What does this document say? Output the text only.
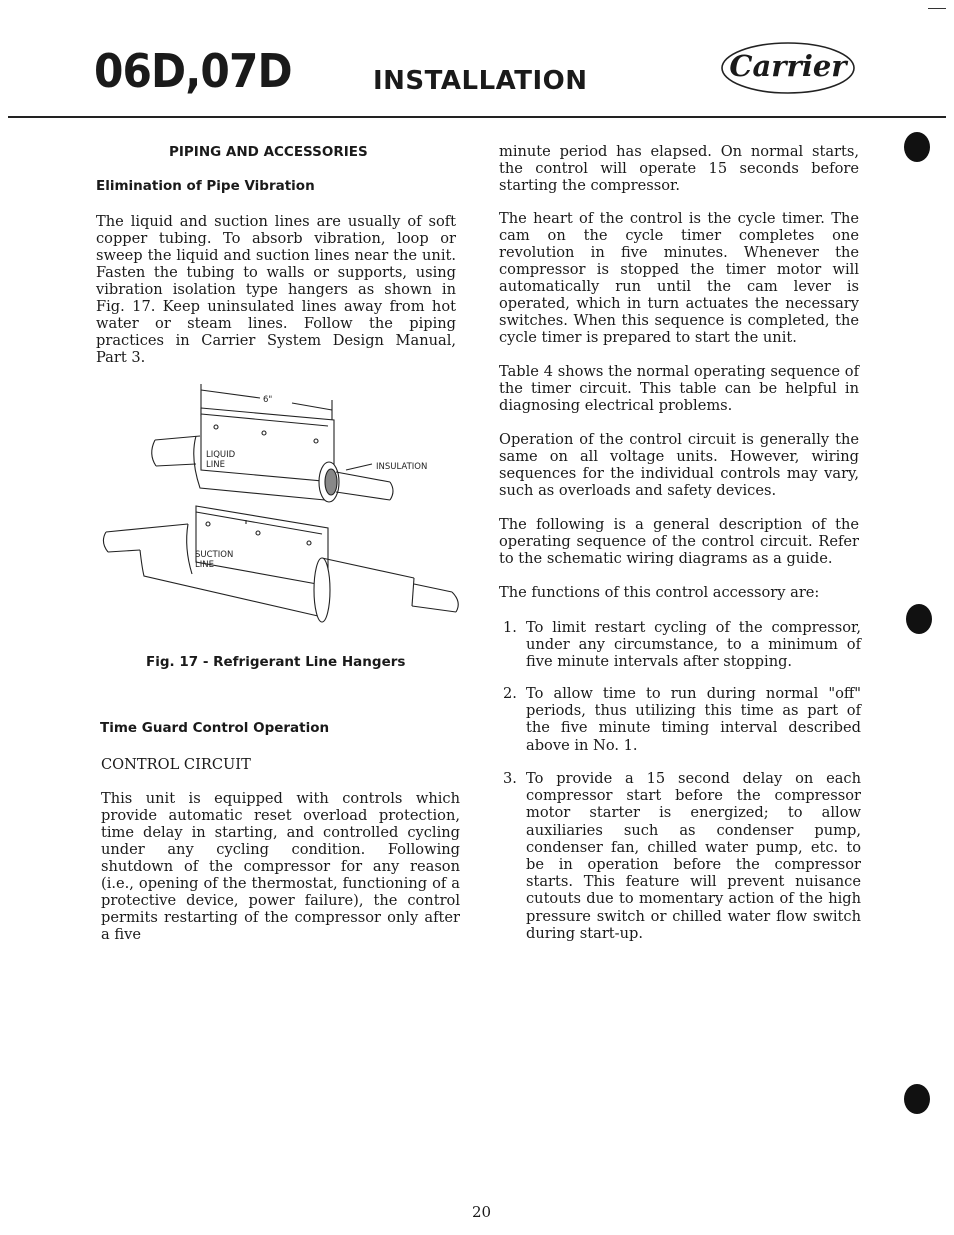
06D,07D	INSTALLATION	Carrier
PIPING AND ACCESSORIES
Elimination of Pipe Vibration

The liquid and suction lines are usually of soft copper tubing. To absorb vibration, loop or sweep the liquid and suction lines near the unit. Fasten the tubing to walls or supports, using vibration isolation type hangers as shown in Fig. 17. Keep uninsulated lines away from hot water or steam lines. Follow the piping practices in Carrier System Design Manual, Part 3.

6"
LIQUID
LINE	INSULATION
SUCTION
LINE
Fig. 17 - Refrigerant Line Hangers
Time Guard Control Operation
CONTROL CIRCUIT

This unit is equipped with controls which provide automatic reset overload protection, time delay in starting, and controlled cycling under any cycling condition. Following shutdown of the compressor for any reason (i.e., opening of the thermostat, functioning of a protective device, power failure), the control permits restarting of the compressor only after a five

minute period has elapsed. On normal starts, the control will operate 15 seconds before starting the compressor.

The heart of the control is the cycle timer. The cam on the cycle timer completes one revolution in five minutes. Whenever the compressor is stopped the timer motor will automatically run until the cam lever is operated, which in turn actuates the necessary switches. When this sequence is completed, the cycle timer is prepared to start the unit.

Table 4 shows the normal operating sequence of the timer circuit. This table can be helpful in diagnosing electrical problems.

Operation of the control circuit is generally the same on all voltage units. However, wiring sequences for the individual controls may vary, such as overloads and safety devices.

The following is a general description of the operating sequence of the control circuit. Refer to the schematic wiring diagrams as a guide.

The functions of this control accessory are:

1. To limit restart cycling of the compressor, under any circumstance, to a minimum of five minute intervals after stopping.
2. To allow time to run during normal "off" periods, thus utilizing this time as part of the five minute timing interval described above in No. 1.
3. To provide a 15 second delay on each compressor start before the compressor motor starter is energized; to allow auxiliaries such as condenser pump, condenser fan, chilled water pump, etc. to be in operation before the compressor starts. This feature will prevent nuisance cutouts due to momentary action of the high pressure switch or chilled water flow switch during start-up.
20
